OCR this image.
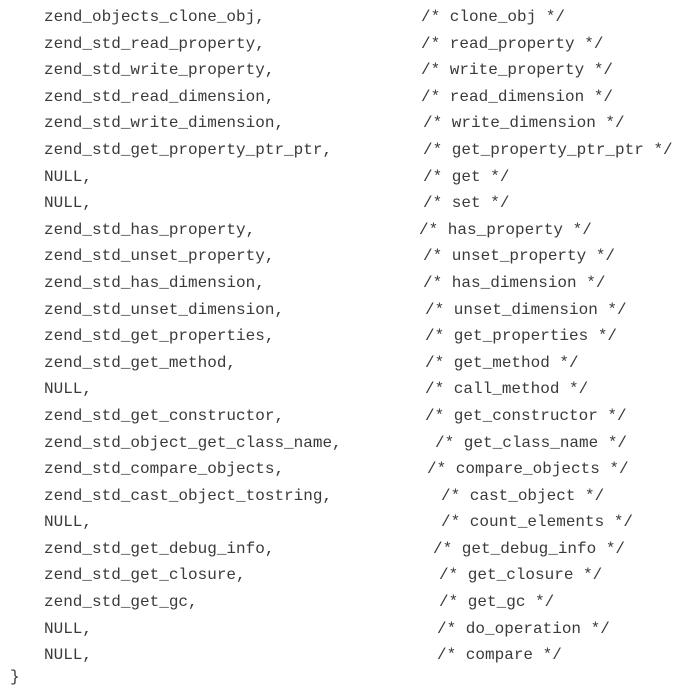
zend_objects_clone_obj,	/* clone_obj */
zend_std_read_property,	/* read_property */
zend_std_write_property,	/* write_property */
zend_std_read_dimension,	/* read_dimension */
zend_std_write_dimension,	/* write_dimension */
zend_std_get_property_ptr_ptr,	/* get_property_ptr_ptr */
NULL,	/* get */
NULL,	/* set */
zend_std_has_property,	/* has_property */
zend_std_unset_property,	/* unset_property */
zend_std_has_dimension,	/* has_dimension */
zend_std_unset_dimension,	/* unset_dimension */
zend_std_get_properties,	/* get_properties */
zend_std_get_method,	/* get_method */
NULL,	/* call_method */
zend_std_get_constructor,	/* get_constructor */
zend_std_object_get_class_name,	/* get_class_name */
zend_std_compare_objects,	/* compare_objects */
zend_std_cast_object_tostring,	/* cast_object */
NULL,	/* count_elements */
zend_std_get_debug_info,	/* get_debug_info */
zend_std_get_closure,	/* get_closure */
zend_std_get_gc,	/* get_gc */
NULL,	/* do_operation */
NULL,	/* compare */
}
